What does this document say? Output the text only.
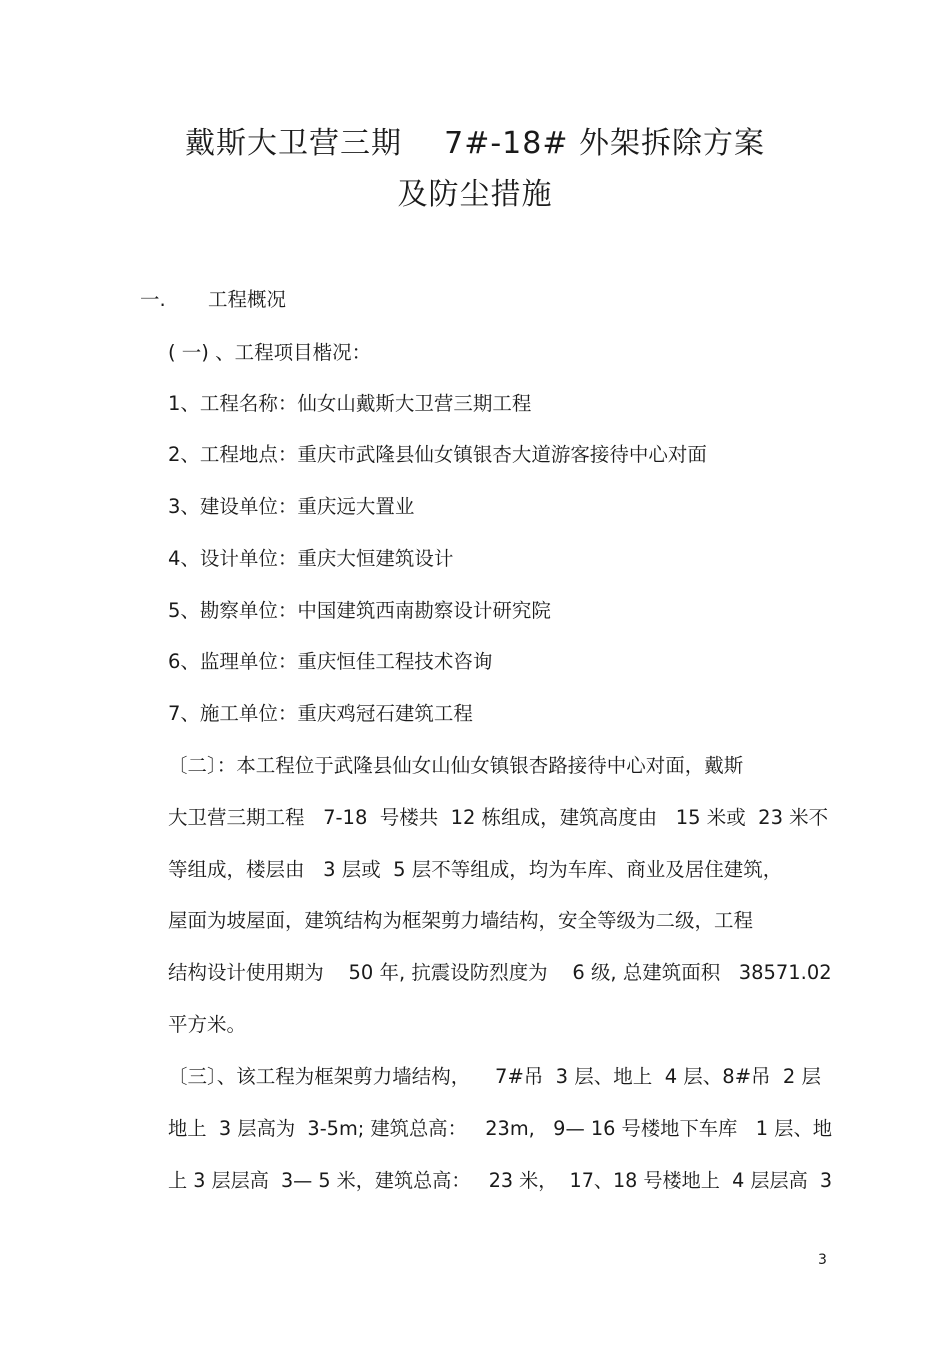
戴斯大卫营三期    7#-18# 外架拆除方案
及防尘措施
一. 工程概况
( 一) 、工程项目楷况：
1、工程名称：仙女山戴斯大卫营三期工程
2、工程地点：重庆市武隆县仙女镇银杏大道游客接待中心对面
3、建设单位：重庆远大置业
4、设计单位：重庆大恒建筑设计
5、勘察单位：中国建筑西南勘察设计研究院
6、监理单位：重庆恒佳工程技术咨询
7、施工单位：重庆鸡冠石建筑工程
〔二〕：本工程位于武隆县仙女山仙女镇银杏路接待中心对面，戴斯
大卫营三期工程   7-18  号楼共  12 栋组成，建筑高度由   15 米或  23 米不
等组成，楼层由   3 层或  5 层不等组成，均为车库、商业及居住建筑，
屋面为坡屋面，建筑结构为框架剪力墙结构，安全等级为二级，工程
结构设计使用期为    50 年, 抗震设防烈度为    6 级, 总建筑面积   38571.02
平方米。
〔三〕、该工程为框架剪力墙结构，    7#吊  3 层、地上  4 层、8#吊  2 层
地上  3 层高为  3-5m; 建筑总高：   23m,   9— 16 号楼地下车库   1 层、地
上 3 层层高  3— 5 米，建筑总高：   23 米，  17、18 号楼地上  4 层层高  3
3
